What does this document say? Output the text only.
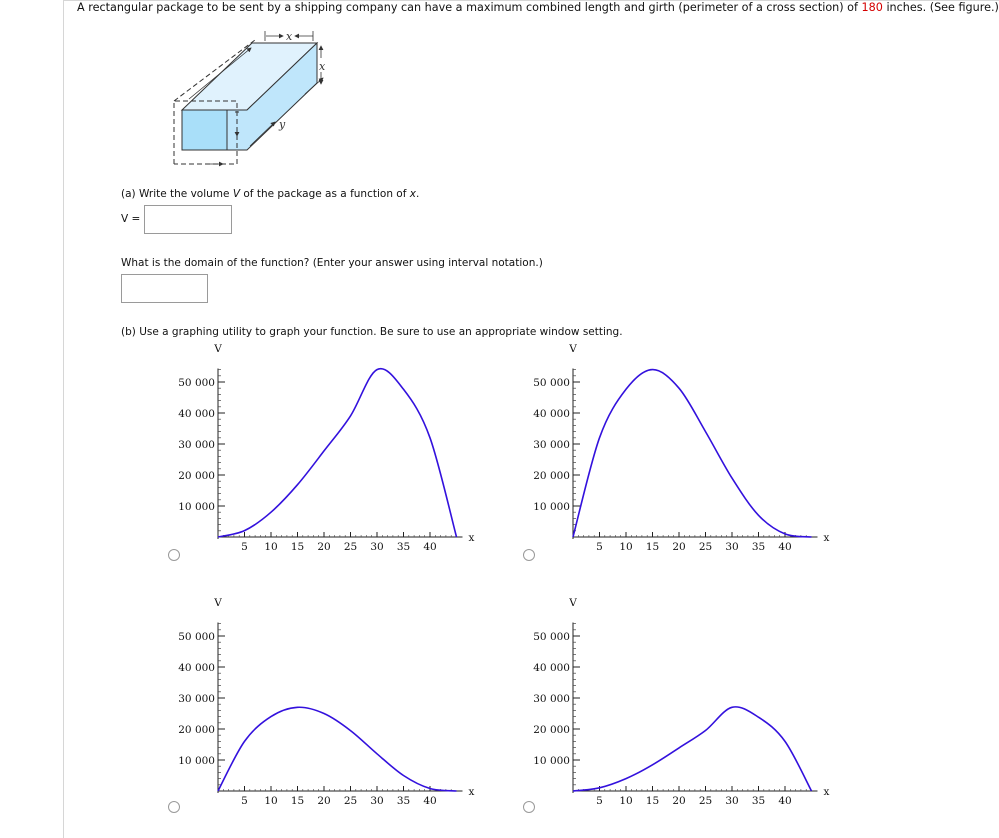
A rectangular package to be sent by a shipping company can have a maximum combined length and girth (perimeter of a cross section) of 180 inches. (See figure.)
x
x
y
(a) Write the volume V of the package as a function of x.
V =
What is the domain of the function? (Enter your answer using interval notation.)
(b) Use a graphing utility to graph your function. Be sure to use an appropriate window setting.
10 000
20 000
30 000
40 000
50 000
5 10 15 20 25 30 35 40
V
x
10 000
20 000
30 000
40 000
50 000
5 10 15 20 25 30 35 40
V
x
10 000
20 000
30 000
40 000
50 000
5 10 15 20 25 30 35 40
V
x
10 000
20 000
30 000
40 000
50 000
5 10 15 20 25 30 35 40
V
x
